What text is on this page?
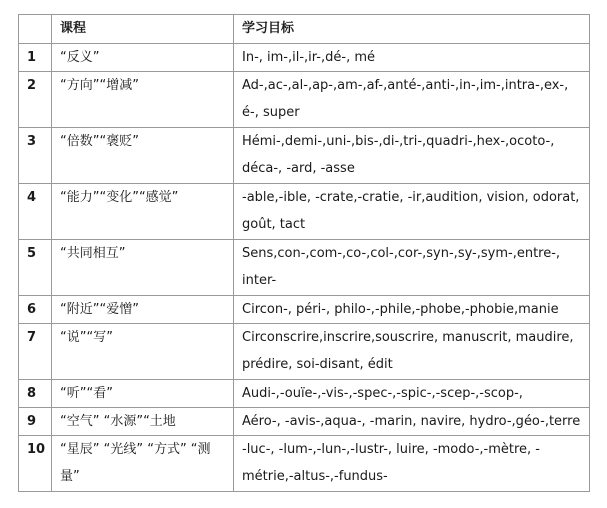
	课程	学习目标
1	“反义”	In-, im-,il-,ir-,dé-, mé
2	“方向”“增减”	Ad-,ac-,al-,ap-,am-,af-,anté-,anti-,in-,im-,intra-,ex-, é-, super
3	“倍数”“褒贬”	Hémi-,demi-,uni-,bis-,di-,tri-,quadri-,hex-,ocoto-, déca-, -ard, -asse
4	“能力”“变化”“感觉”	-able,-ible, -crate,-cratie, -ir,audition, vision, odorat, goût, tact
5	“共同相互”	Sens,con-,com-,co-,col-,cor-,syn-,sy-,sym-,entre-, inter-
6	“附近”“爱憎”	Circon-, péri-, philo-,-phile,-phobe,-phobie,manie
7	“说”“写”	Circonscrire,inscrire,souscrire, manuscrit, maudire, prédire, soi-disant, édit
8	“听”“看”	Audi-,-ouïe-,-vis-,-spec-,-spic-,-scep-,-scop-,
9	“空气” “水源”“土地	Aéro-, -avis-,aqua-, -marin, navire, hydro-,géo-,terre
10	“星辰” “光线” “方式” “测量”	-luc-, -lum-,-lun-,-lustr-, luire, -modo-,-mètre, -métrie,-altus-,-fundus-
